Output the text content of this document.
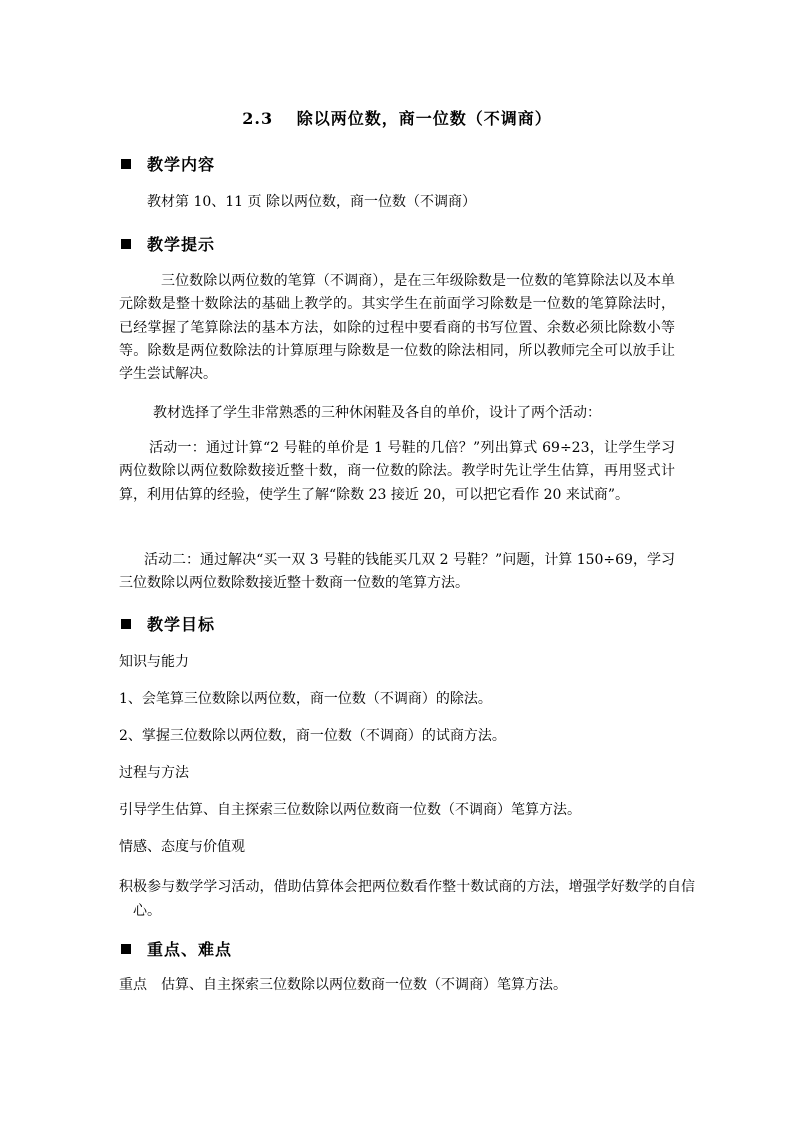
2.3　 除以两位数，商一位数（不调商）
教学内容
教材第 10、11 页 除以两位数，商一位数（不调商）
教学提示
三位数除以两位数的笔算（不调商），是在三年级除数是一位数的笔算除法以及本单元除数是整十数除法的基础上教学的。其实学生在前面学习除数是一位数的笔算除法时，已经掌握了笔算除法的基本方法，如除的过程中要看商的书写位置、余数必须比除数小等等。除数是两位数除法的计算原理与除数是一位数的除法相同，所以教师完全可以放手让学生尝试解决。
教材选择了学生非常熟悉的三种休闲鞋及各自的单价，设计了两个活动：
活动一：通过计算“2 号鞋的单价是 1 号鞋的几倍？”列出算式 69÷23，让学生学习两位数除以两位数除数接近整十数，商一位数的除法。教学时先让学生估算，再用竖式计算，利用估算的经验，使学生了解“除数 23 接近 20，可以把它看作 20 来试商”。
活动二：通过解决“买一双 3 号鞋的钱能买几双 2 号鞋？”问题，计算 150÷69，学习三位数除以两位数除数接近整十数商一位数的笔算方法。
教学目标
知识与能力
1、会笔算三位数除以两位数，商一位数（不调商）的除法。
2、掌握三位数除以两位数，商一位数（不调商）的试商方法。
过程与方法
引导学生估算、自主探索三位数除以两位数商一位数（不调商）笔算方法。
情感、态度与价值观
积极参与数学学习活动，借助估算体会把两位数看作整十数试商的方法，增强学好数学的自信心。
重点、难点
重点　估算、自主探索三位数除以两位数商一位数（不调商）笔算方法。
